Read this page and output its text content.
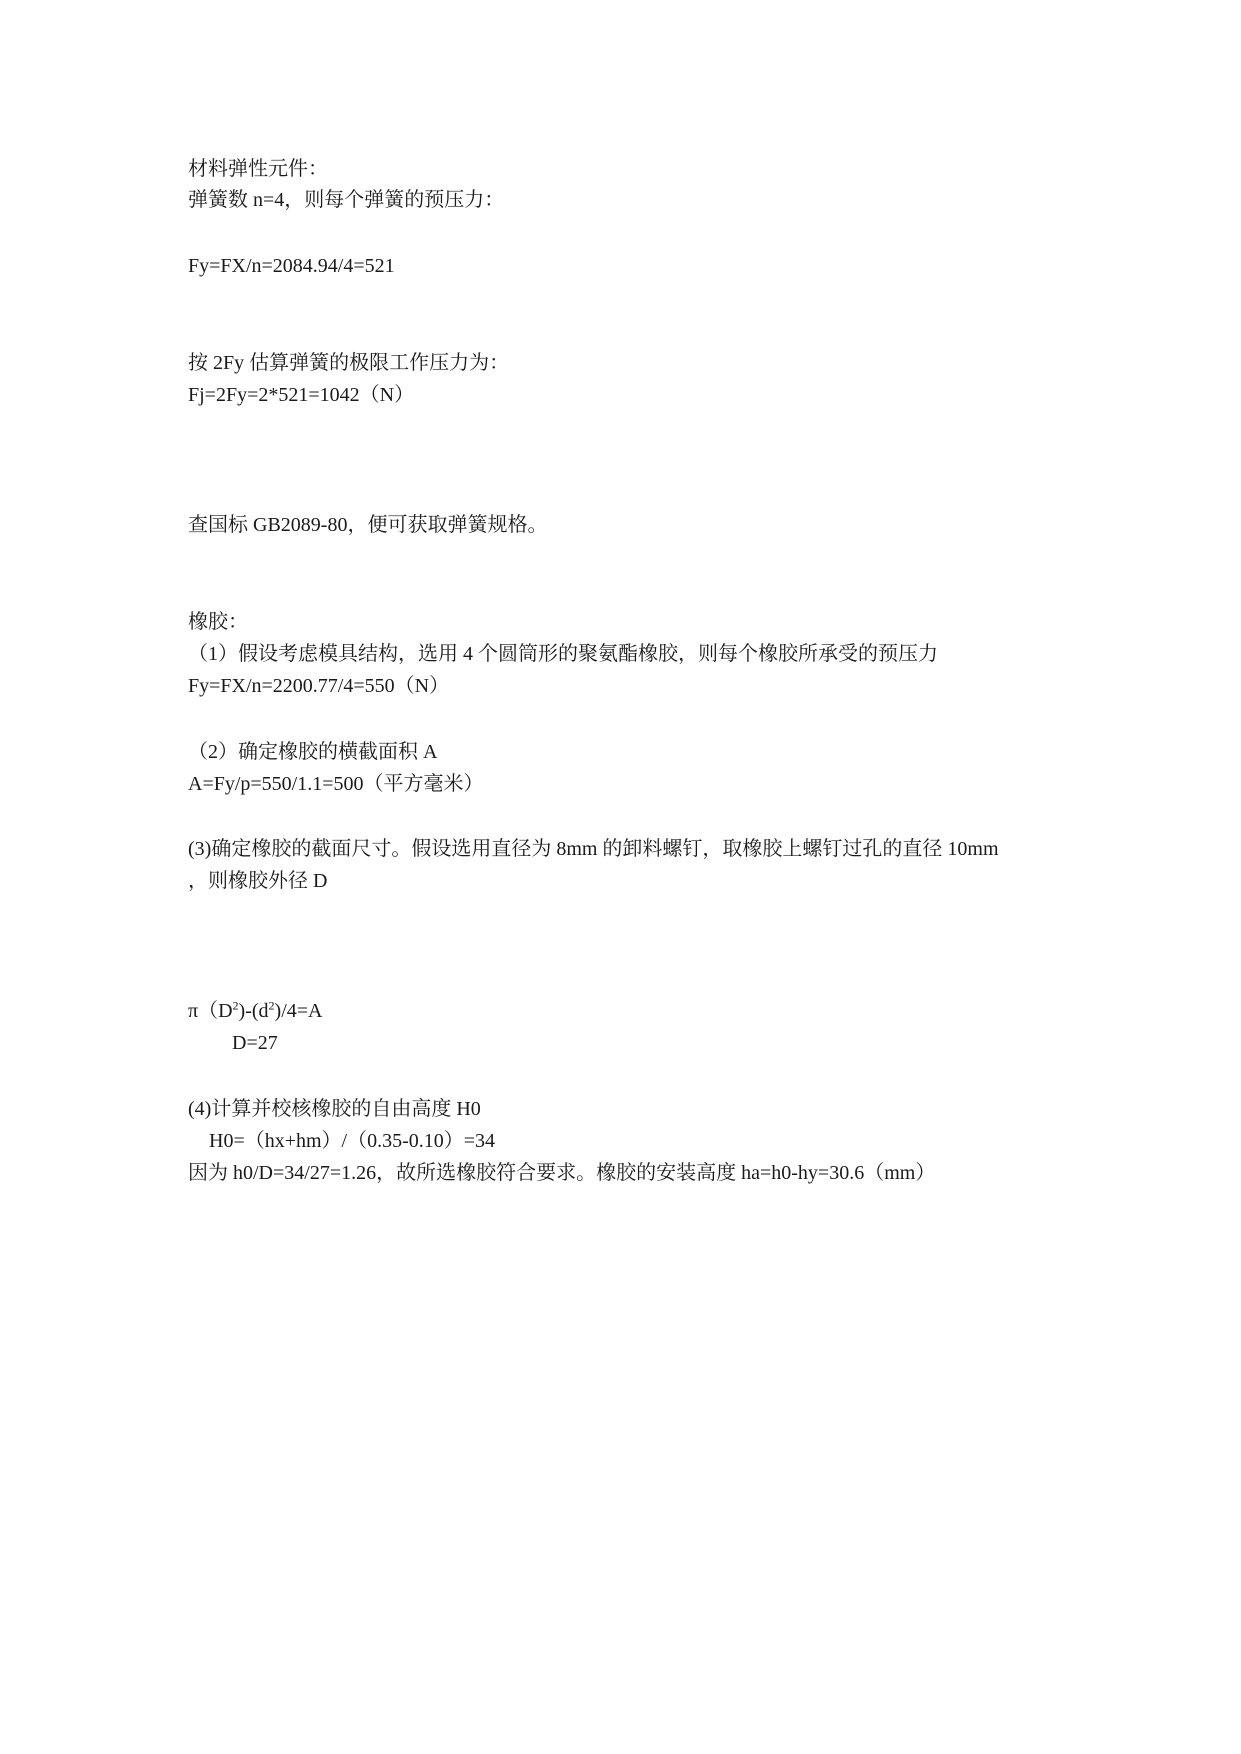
材料弹性元件：
弹簧数 n=4，则每个弹簧的预压力：
Fy=FX/n=2084.94/4=521
按 2Fy 估算弹簧的极限工作压力为：
Fj=2Fy=2*521=1042（N）
查国标 GB2089-80，便可获取弹簧规格。
橡胶：
（1）假设考虑模具结构，选用 4 个圆筒形的聚氨酯橡胶，则每个橡胶所承受的预压力
Fy=FX/n=2200.77/4=550（N）
（2）确定橡胶的横截面积 A
A=Fy/p=550/1.1=500（平方毫米）
(3)确定橡胶的截面尺寸。假设选用直径为 8mm 的卸料螺钉，取橡胶上螺钉过孔的直径 10mm
，则橡胶外径 D
$\pi(D^2)-(d^2)/4=A$
D=27
(4)计算并校核橡胶的自由高度 H0
H0=（hx+hm）/（0.35-0.10）=34
因为 h0/D=34/27=1.26，故所选橡胶符合要求。橡胶的安装高度 ha=h0-hy=30.6（mm）
